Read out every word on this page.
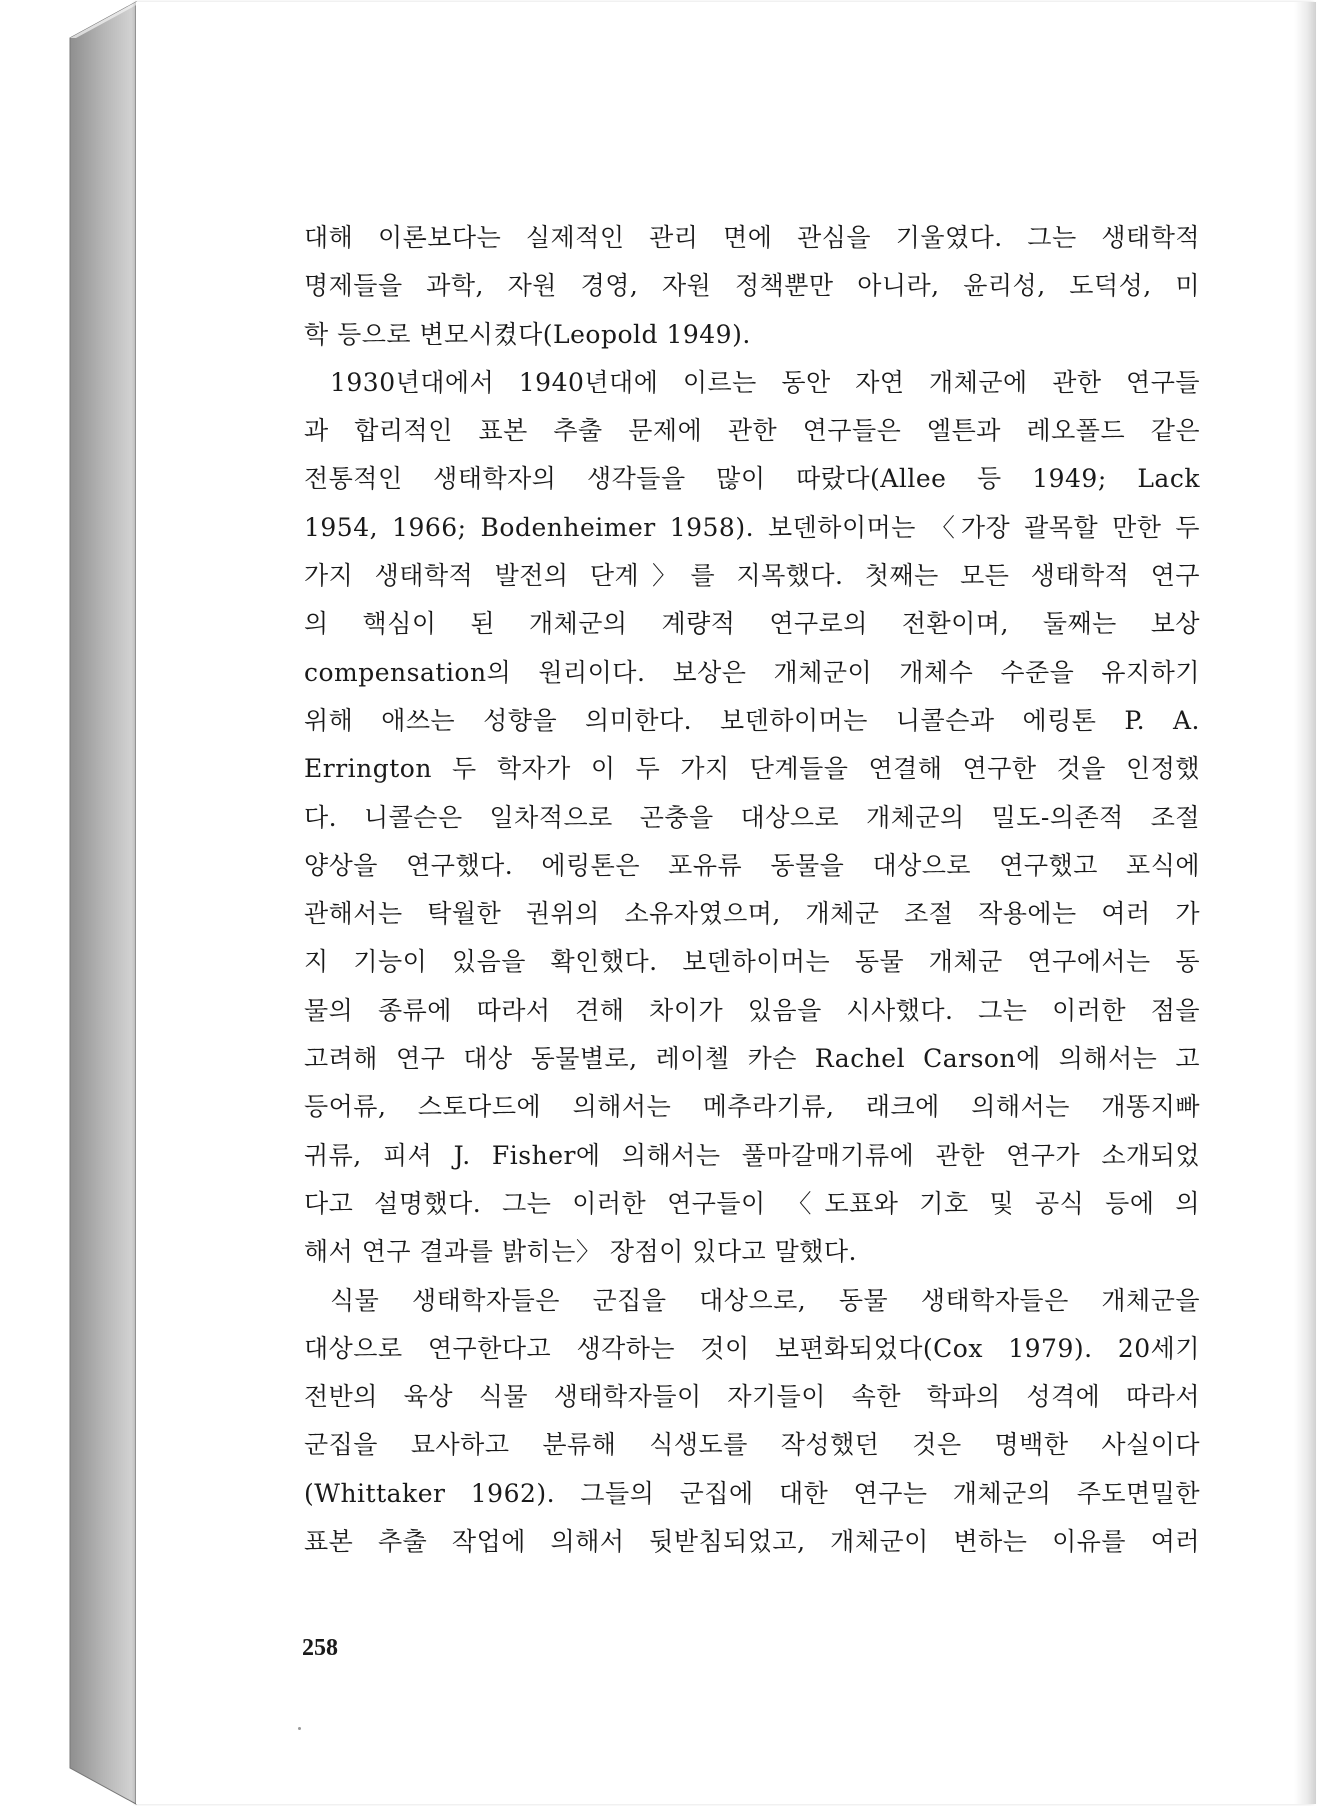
대해 이론보다는 실제적인 관리 면에 관심을 기울였다. 그는 생태학적
명제들을 과학, 자원 경영, 자원 정책뿐만 아니라, 윤리성, 도덕성, 미
학 등으로 변모시켰다(Leopold 1949).
1930년대에서 1940년대에 이르는 동안 자연 개체군에 관한 연구들
과 합리적인 표본 추출 문제에 관한 연구들은 엘튼과 레오폴드 같은
전통적인 생태학자의 생각들을 많이 따랐다(Allee 등 1949; Lack
1954, 1966; Bodenheimer 1958). 보덴하이머는 〈가장 괄목할 만한 두
가지 생태학적 발전의 단계〉를 지목했다. 첫째는 모든 생태학적 연구
의 핵심이 된 개체군의 계량적 연구로의 전환이며, 둘째는 보상
compensation의 원리이다. 보상은 개체군이 개체수 수준을 유지하기
위해 애쓰는 성향을 의미한다. 보덴하이머는 니콜슨과 에링톤 P. A.
Errington 두 학자가 이 두 가지 단계들을 연결해 연구한 것을 인정했
다. 니콜슨은 일차적으로 곤충을 대상으로 개체군의 밀도-의존적 조절
양상을 연구했다. 에링톤은 포유류 동물을 대상으로 연구했고 포식에
관해서는 탁월한 권위의 소유자였으며, 개체군 조절 작용에는 여러 가
지 기능이 있음을 확인했다. 보덴하이머는 동물 개체군 연구에서는 동
물의 종류에 따라서 견해 차이가 있음을 시사했다. 그는 이러한 점을
고려해 연구 대상 동물별로, 레이첼 카슨 Rachel Carson에 의해서는 고
등어류, 스토다드에 의해서는 메추라기류, 래크에 의해서는 개똥지빠
귀류, 피셔 J. Fisher에 의해서는 풀마갈매기류에 관한 연구가 소개되었
다고 설명했다. 그는 이러한 연구들이 〈도표와 기호 및 공식 등에 의
해서 연구 결과를 밝히는〉 장점이 있다고 말했다.
식물 생태학자들은 군집을 대상으로, 동물 생태학자들은 개체군을
대상으로 연구한다고 생각하는 것이 보편화되었다(Cox 1979). 20세기
전반의 육상 식물 생태학자들이 자기들이 속한 학파의 성격에 따라서
군집을 묘사하고 분류해 식생도를 작성했던 것은 명백한 사실이다
(Whittaker 1962). 그들의 군집에 대한 연구는 개체군의 주도면밀한
표본 추출 작업에 의해서 뒷받침되었고, 개체군이 변하는 이유를 여러
258
